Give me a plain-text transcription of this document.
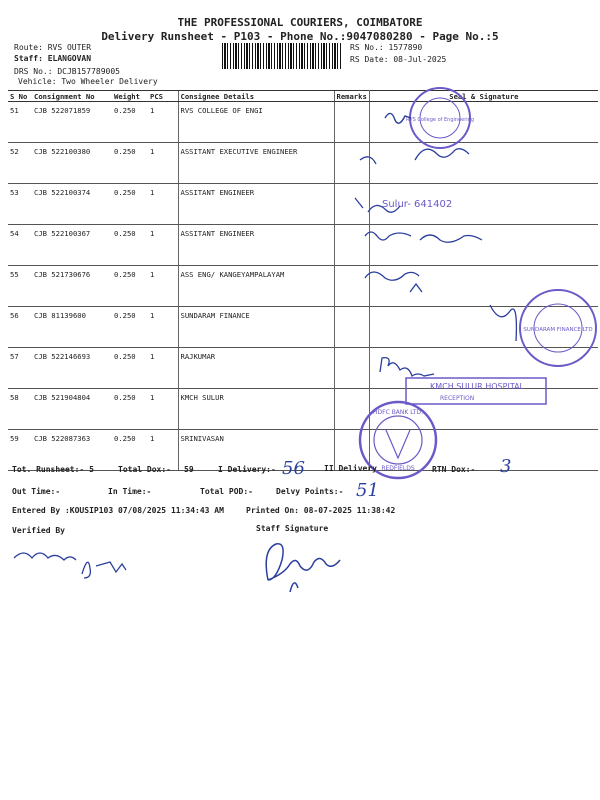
THE PROFESSIONAL COURIERS, COIMBATORE
Delivery Runsheet - P103 - Phone No.:9047080280 - Page No.:5
Route: RVS OUTER
Staff: ELANGOVAN
DRS No.: DCJB157789005
Vehicle: Two Wheeler Delivery
RS No.: 1577890
RS Date: 08-Jul-2025
S No	Consignment No	Weight	PCS	Consignee Details	Remarks	Seal & Signature
51	CJB 522071859	0.250	1	RVS COLLEGE OF ENGI		
52	CJB 522100380	0.250	1	ASSITANT EXECUTIVE ENGINEER		
53	CJB 522100374	0.250	1	ASSITANT ENGINEER		
54	CJB 522100367	0.250	1	ASSITANT ENGINEER		
55	CJB 521730676	0.250	1	ASS ENG/ KANGEYAMPALAYAM		
56	CJB 81139600	0.250	1	SUNDARAM FINANCE		
57	CJB 522146693	0.250	1	RAJKUMAR		
58	CJB 521904804	0.250	1	KMCH SULUR		
59	CJB 522087363	0.250	1	SRINIVASAN		
RVS College of Engineering
Sulur- 641402
SUNDARAM FINANCE LTD
KMCH SULUR HOSPITAL
RECEPTION
HDFC BANK LTD.
REDFIELDS
Tot. Runsheet:- 5	Total Dox:- 59	I Delivery:- 56 II Delivery	RTN Dox:- 3
Out Time:-	In Time:-	Total POD:-	Delvy Points:- 51
Entered By :KOUSIP103 07/08/2025 11:34:43 AM	Printed On: 08-07-2025 11:38:42
Verified By	Staff Signature
